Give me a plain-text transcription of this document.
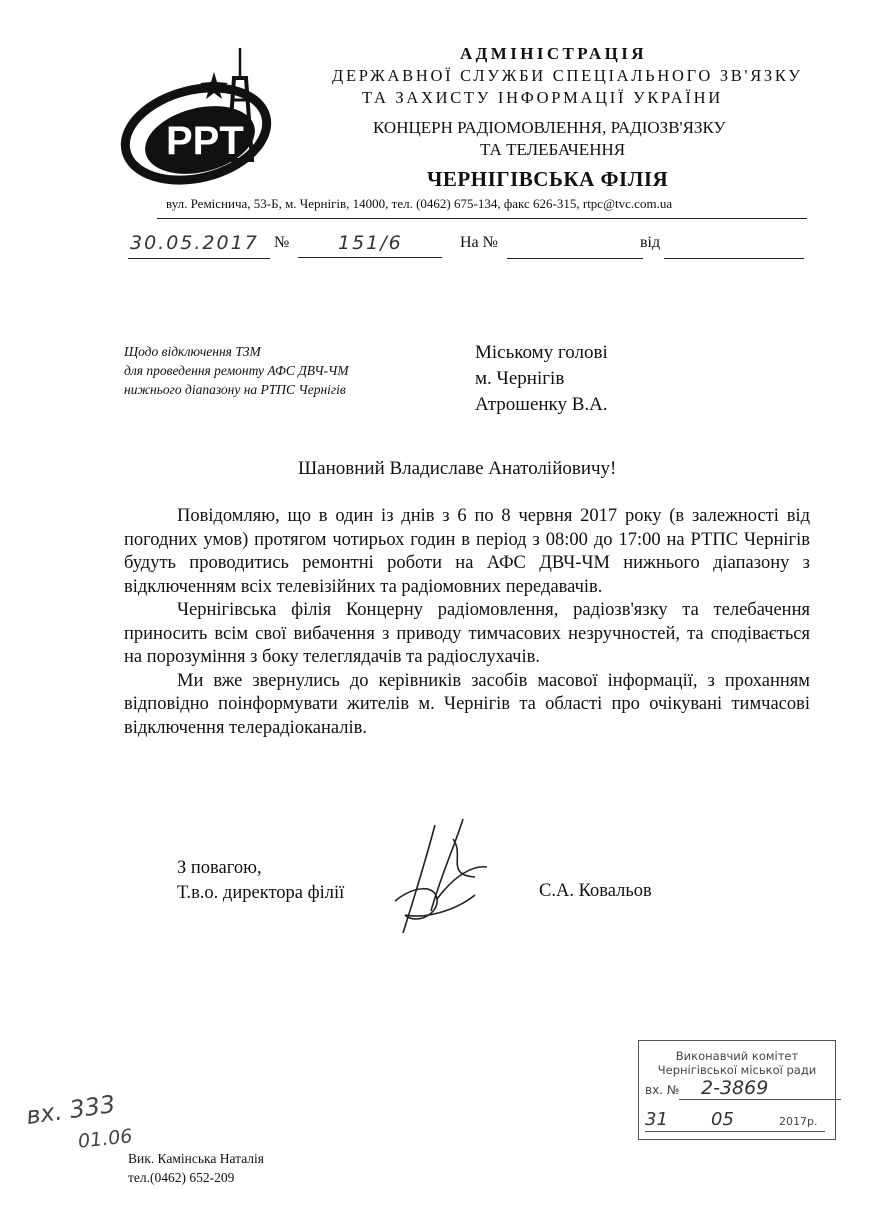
PPT
АДМІНІСТРАЦІЯ
ДЕРЖАВНОЇ СЛУЖБИ СПЕЦІАЛЬНОГО ЗВ'ЯЗКУ
ТА ЗАХИСТУ ІНФОРМАЦІЇ УКРАЇНИ
КОНЦЕРН РАДІОМОВЛЕННЯ, РАДІОЗВ'ЯЗКУ
ТА ТЕЛЕБАЧЕННЯ
ЧЕРНІГІВСЬКА ФІЛІЯ
вул. Ремісничa, 53-Б, м. Чернігів, 14000, тел. (0462) 675-134, факс 626-315, rtpc@tvc.com.ua
30.05.2017 №	151/6	На №	від
Щодо відключення ТЗМ
для проведення ремонту АФС ДВЧ-ЧМ
нижнього діапазону на РТПС Чернігів
Міському голові
м. Чернігів
Атрошенку В.А.
Шановний Владиславе Анатолійовичу!

Повідомляю, що в один із днів з 6 по 8 червня 2017 року (в залежності від погодних умов) протягом чотирьох годин в період з 08:00 до 17:00 на РТПС Чернігів будуть проводитись ремонтні роботи на АФС ДВЧ-ЧМ нижнього діапазону з відключенням всіх телевізійних та радіомовних передавачів.

Чернігівська філія Концерну радіомовлення, радіозв'язку та телебачення приносить всім свої вибачення з приводу тимчасових незручностей, та сподівається на порозуміння з боку телеглядачів та радіослухачів.

Ми вже звернулись до керівників засобів масової інформації, з проханням відповідно поінформувати жителів м. Чернігів та області про очікувані тимчасові відключення телерадіоканалів.

З повагою,
Т.в.о. директора філії	С.А. Ковальов
Виконавчий комітет
Чернігівської міської ради
вх. №	2-3869
31 05	2017р.
вх. 333
01.06
Вик. Камінська Наталія
тел.(0462) 652-209
